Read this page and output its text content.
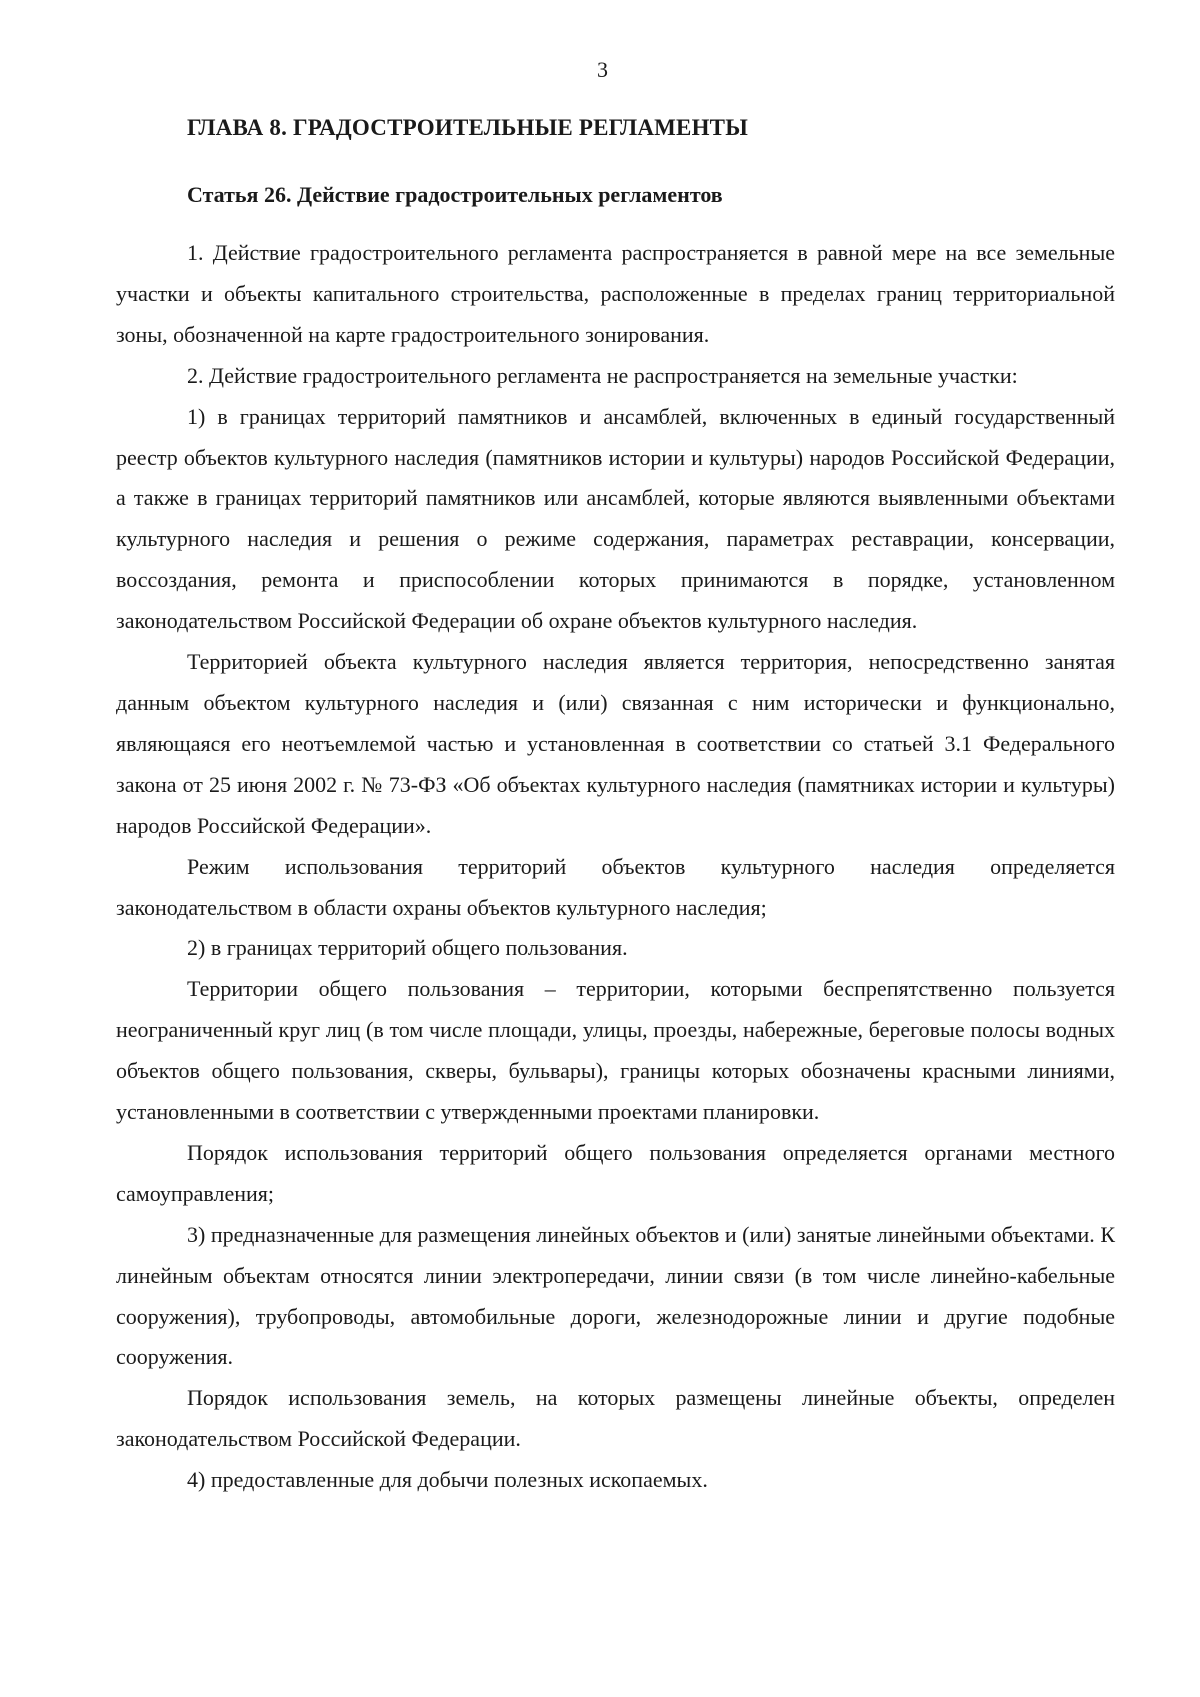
3
ГЛАВА 8. ГРАДОСТРОИТЕЛЬНЫЕ РЕГЛАМЕНТЫ
Статья 26. Действие градостроительных регламентов

1. Действие градостроительного регламента распространяется в равной мере на все земельные участки и объекты капитального строительства, расположенные в пределах границ территориальной зоны, обозначенной на карте градостроительного зонирования.

2. Действие градостроительного регламента не распространяется на земельные участки:

1) в границах территорий памятников и ансамблей, включенных в единый государственный реестр объектов культурного наследия (памятников истории и культуры) народов Российской Федерации, а также в границах территорий памятников или ансамблей, которые являются выявленными объектами культурного наследия и решения о режиме содержания, параметрах реставрации, консервации, воссоздания, ремонта и приспособлении которых принимаются в порядке, установленном законодательством Российской Федерации об охране объектов культурного наследия.

Территорией объекта культурного наследия является территория, непосредственно занятая данным объектом культурного наследия и (или) связанная с ним исторически и функционально, являющаяся его неотъемлемой частью и установленная в соответствии со статьей 3.1 Федерального закона от 25 июня 2002 г. № 73-ФЗ «Об объектах культурного наследия (памятниках истории и культуры) народов Российской Федерации».

Режим использования территорий объектов культурного наследия определяется законодательством в области охраны объектов культурного наследия;

2) в границах территорий общего пользования.

Территории общего пользования – территории, которыми беспрепятственно пользуется неограниченный круг лиц (в том числе площади, улицы, проезды, набережные, береговые полосы водных объектов общего пользования, скверы, бульвары), границы которых обозначены красными линиями, установленными в соответствии с утвержденными проектами планировки.

Порядок использования территорий общего пользования определяется органами местного самоуправления;

3) предназначенные для размещения линейных объектов и (или) занятые линейными объектами. К линейным объектам относятся линии электропередачи, линии связи (в том числе линейно-кабельные сооружения), трубопроводы, автомобильные дороги, железнодорожные линии и другие подобные сооружения.

Порядок использования земель, на которых размещены линейные объекты, определен законодательством Российской Федерации.

4) предоставленные для добычи полезных ископаемых.
